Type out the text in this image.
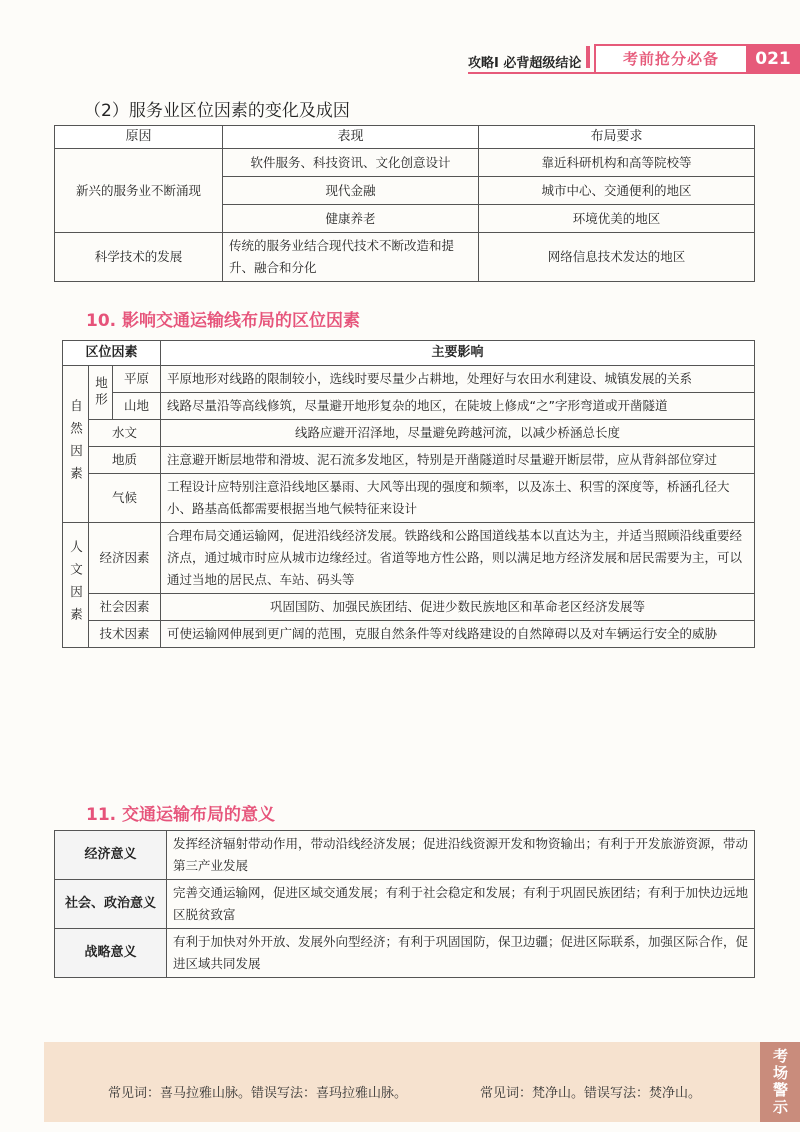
攻略Ⅰ 必背超级结论	考前抢分必备	021
（2）服务业区位因素的变化及成因
原因	表现	布局要求
新兴的服务业不断涌现	软件服务、科技资讯、文化创意设计	靠近科研机构和高等院校等
	现代金融	城市中心、交通便利的地区
	健康养老	环境优美的地区
科学技术的发展	传统的服务业结合现代技术不断改造和提升、融合和分化	网络信息技术发达的地区
10. 影响交通运输线布局的区位因素
区位因素			主要影响
自然因素	地形	平原	平原地形对线路的限制较小，选线时要尽量少占耕地，处理好与农田水利建设、城镇发展的关系
		山地	线路尽量沿等高线修筑，尽量避开地形复杂的地区，在陡坡上修成“之”字形弯道或开凿隧道
	水文		线路应避开沼泽地，尽量避免跨越河流，以减少桥涵总长度
	地质		注意避开断层地带和滑坡、泥石流多发地区，特别是开凿隧道时尽量避开断层带，应从背斜部位穿过
	气候		工程设计应特别注意沿线地区暴雨、大风等出现的强度和频率，以及冻土、积雪的深度等，桥涵孔径大小、路基高低都需要根据当地气候特征来设计
人文因素	经济因素		合理布局交通运输网，促进沿线经济发展。铁路线和公路国道线基本以直达为主，并适当照顾沿线重要经济点，通过城市时应从城市边缘经过。省道等地方性公路，则以满足地方经济发展和居民需要为主，可以通过当地的居民点、车站、码头等
	社会因素		巩固国防、加强民族团结、促进少数民族地区和革命老区经济发展等
	技术因素		可使运输网伸展到更广阔的范围，克服自然条件等对线路建设的自然障碍以及对车辆运行安全的威胁
11. 交通运输布局的意义
经济意义	发挥经济辐射带动作用，带动沿线经济发展；促进沿线资源开发和物资输出；有利于开发旅游资源，带动第三产业发展
社会、政治意义	完善交通运输网，促进区域交通发展；有利于社会稳定和发展；有利于巩固民族团结；有利于加快边远地区脱贫致富
战略意义	有利于加快对外开放、发展外向型经济；有利于巩固国防，保卫边疆；促进区际联系，加强区际合作，促进区域共同发展
常见词：喜马拉雅山脉。错误写法：喜玛拉雅山脉。	常见词：梵净山。错误写法：焚净山。	考场警示
